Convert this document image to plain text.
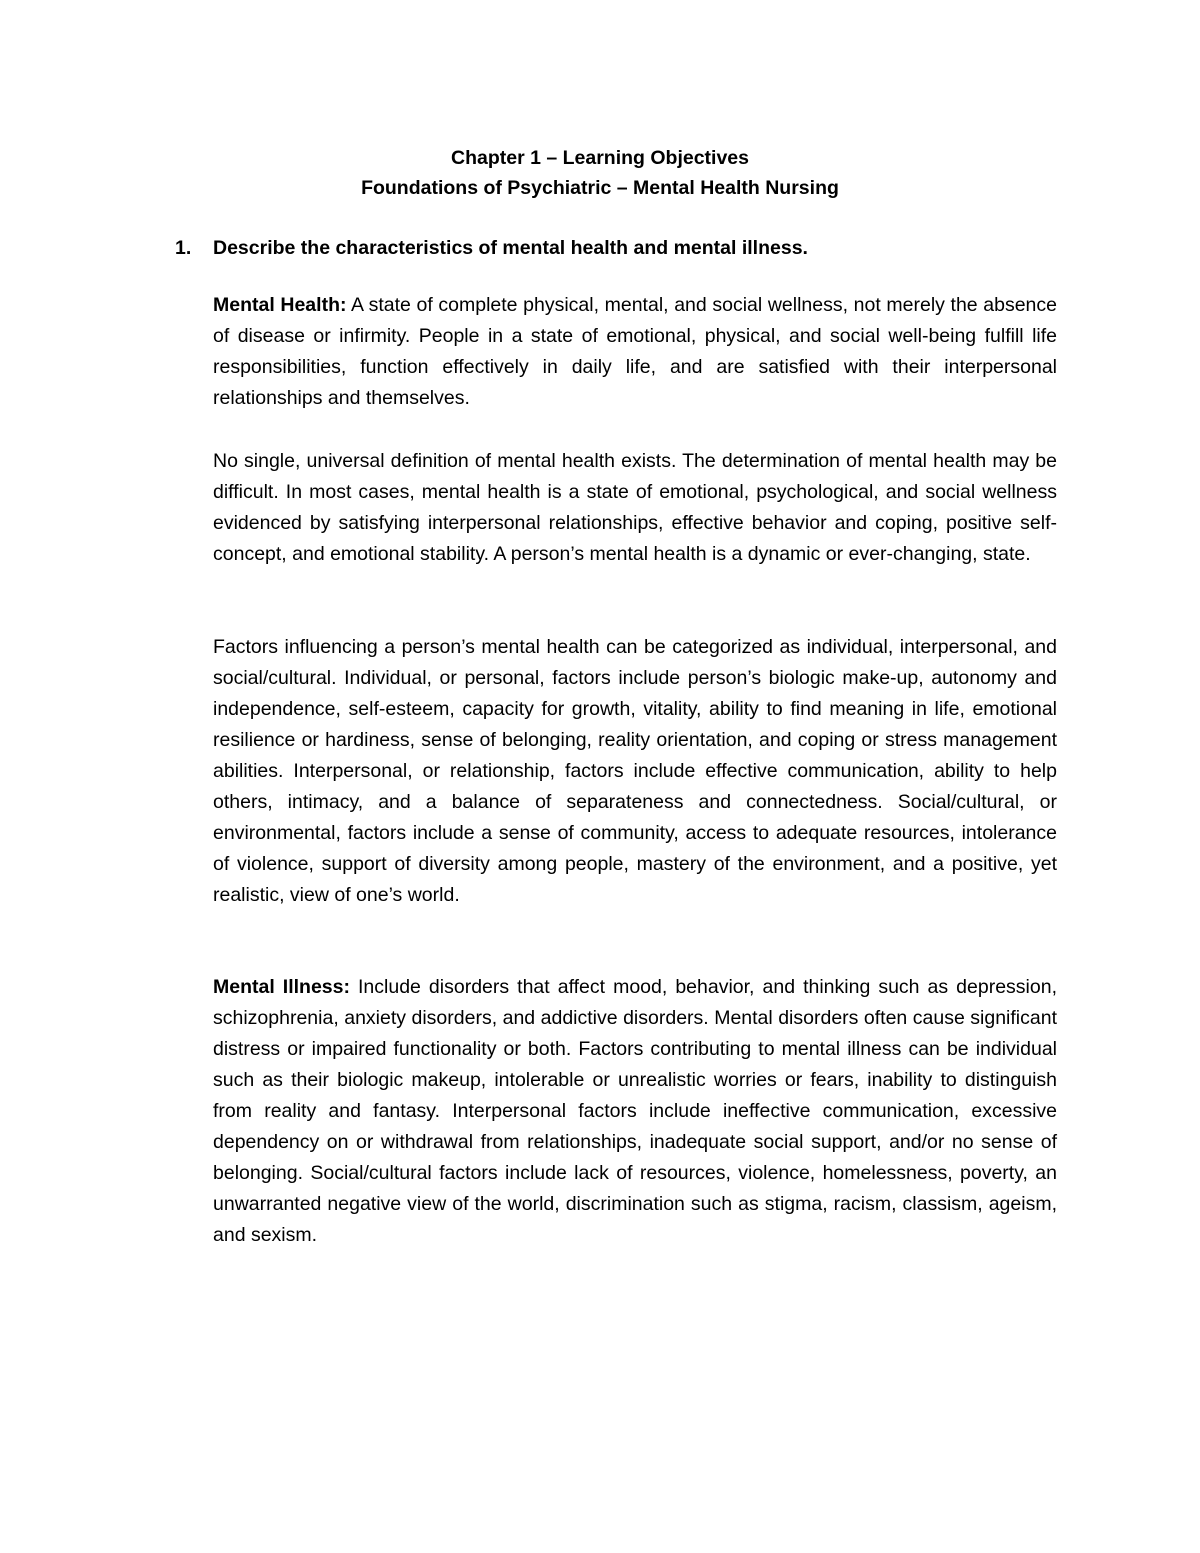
Chapter 1 – Learning Objectives

Foundations of Psychiatric – Mental Health Nursing

1. Describe the characteristics of mental health and mental illness.

Mental Health: A state of complete physical, mental, and social wellness, not merely the absence of disease or infirmity. People in a state of emotional, physical, and social well-being fulfill life responsibilities, function effectively in daily life, and are satisfied with their interpersonal relationships and themselves.

No single, universal definition of mental health exists. The determination of mental health may be difficult. In most cases, mental health is a state of emotional, psychological, and social wellness evidenced by satisfying interpersonal relationships, effective behavior and coping, positive self-concept, and emotional stability. A person’s mental health is a dynamic or ever-changing, state.

Factors influencing a person’s mental health can be categorized as individual, interpersonal, and social/cultural. Individual, or personal, factors include person’s biologic make-up, autonomy and independence, self-esteem, capacity for growth, vitality, ability to find meaning in life, emotional resilience or hardiness, sense of belonging, reality orientation, and coping or stress management abilities. Interpersonal, or relationship, factors include effective communication, ability to help others, intimacy, and a balance of separateness and connectedness. Social/cultural, or environmental, factors include a sense of community, access to adequate resources, intolerance of violence, support of diversity among people, mastery of the environment, and a positive, yet realistic, view of one’s world.

Mental Illness: Include disorders that affect mood, behavior, and thinking such as depression, schizophrenia, anxiety disorders, and addictive disorders. Mental disorders often cause significant distress or impaired functionality or both. Factors contributing to mental illness can be individual such as their biologic makeup, intolerable or unrealistic worries or fears, inability to distinguish from reality and fantasy. Interpersonal factors include ineffective communication, excessive dependency on or withdrawal from relationships, inadequate social support, and/or no sense of belonging. Social/cultural factors include lack of resources, violence, homelessness, poverty, an unwarranted negative view of the world, discrimination such as stigma, racism, classism, ageism, and sexism.
